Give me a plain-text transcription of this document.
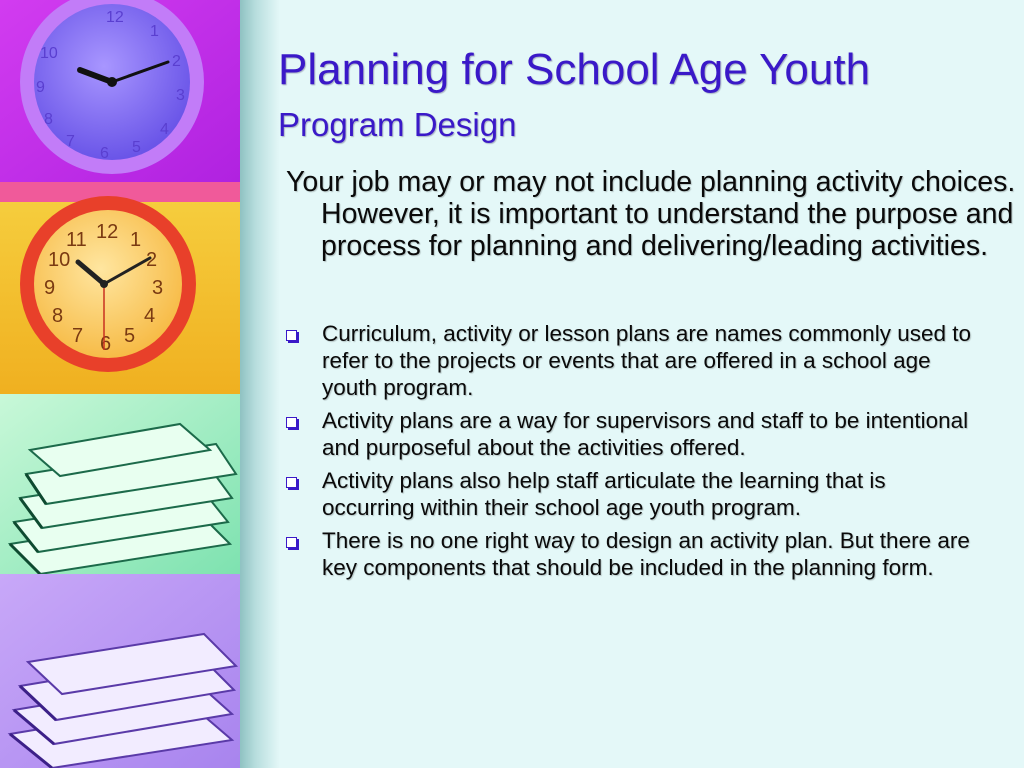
12
1
2
3
4
5
6
7
8
9
10
12 1
2
3
4
5
6
7
8
9
10
11
Planning for School Age Youth
Program Design

Your job may or may not include planning activity choices. However, it is important to understand the purpose and process for planning and delivering/leading activities.

Curriculum, activity or lesson plans are names commonly used to refer to the projects or events that are offered in a school age youth program.
Activity plans are a way for supervisors and staff to be intentional and purposeful about the activities offered.
Activity plans also help staff articulate the learning that is occurring within their school age youth program.
There is no one right way to design an activity plan. But there are key components that should be included in the planning form.
